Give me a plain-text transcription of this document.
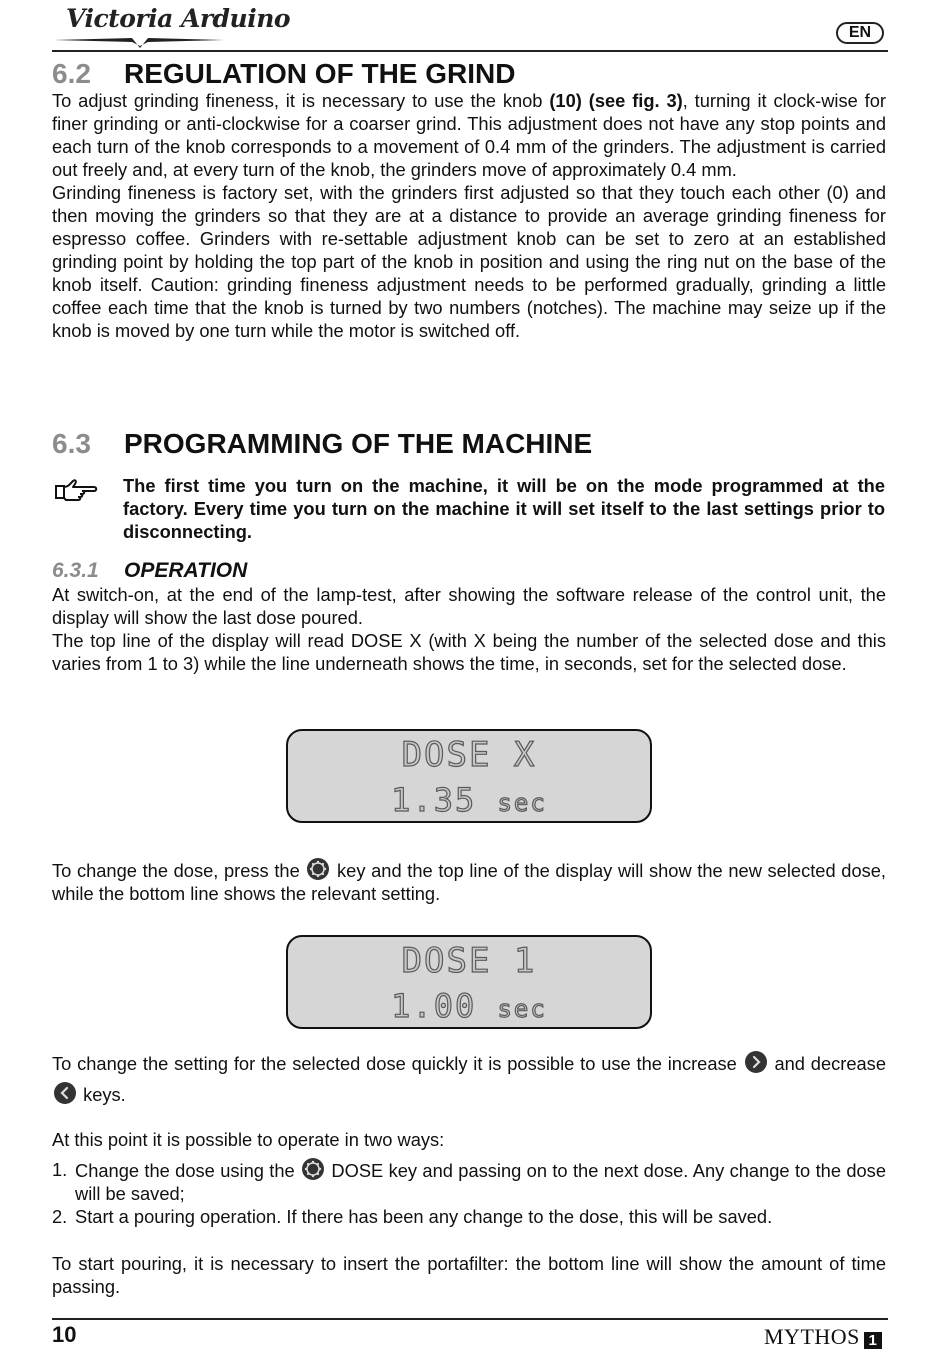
Victoria Arduino	EN
6.2 REGULATION OF THE GRIND

To adjust grinding fineness, it is necessary to use the knob (10) (see fig. 3), turning it clock-wise for finer grinding or anti-clockwise for a coarser grind. This adjustment does not have any stop points and each turn of the knob corresponds to a movement of 0.4 mm of the grinders. The adjustment is carried out freely and, at every turn of the knob, the grinders move of approximately 0.4 mm.

Grinding fineness is factory set, with the grinders first adjusted so that they touch each other (0) and then moving the grinders so that they are at a distance to provide an average grinding fineness for espresso coffee. Grinders with re-settable adjustment knob can be set to zero at an established grinding point by holding the top part of the knob in position and using the ring nut on the base of the knob itself. Caution: grinding fineness adjustment needs to be performed gradually, grinding a little coffee each time that the knob is turned by two numbers (notches). The machine may seize up if the knob is moved by one turn while the motor is switched off.

6.3 PROGRAMMING OF THE MACHINE
The first time you turn on the machine, it will be on the mode programmed at the factory. Every time you turn on the machine it will set itself to the last settings prior to disconnecting.
6.3.1 OPERATION

At switch-on, at the end of the lamp-test, after showing the software release of the control unit, the display will show the last dose poured.

The top line of the display will read DOSE X (with X being the number of the selected dose and this varies from 1 to 3) while the line underneath shows the time, in seconds, set for the selected dose.

DOSE X
1.35 sec
To change the dose, press the
key and the top line of the display will show the new selected dose, while the bottom line shows the relevant setting.
DOSE 1
1.00 sec
To change the setting for the selected dose quickly it is possible to use the increase
and decrease
keys.
At this point it is possible to operate in two ways:
1. Change the dose using the
DOSE key and passing on to the next dose. Any change to the dose will be saved;
2. Start a pouring operation. If there has been any change to the dose, this will be saved.
To start pouring, it is necessary to insert the portafilter: the bottom line will show the amount of time passing.
10	MYTHOS 1
